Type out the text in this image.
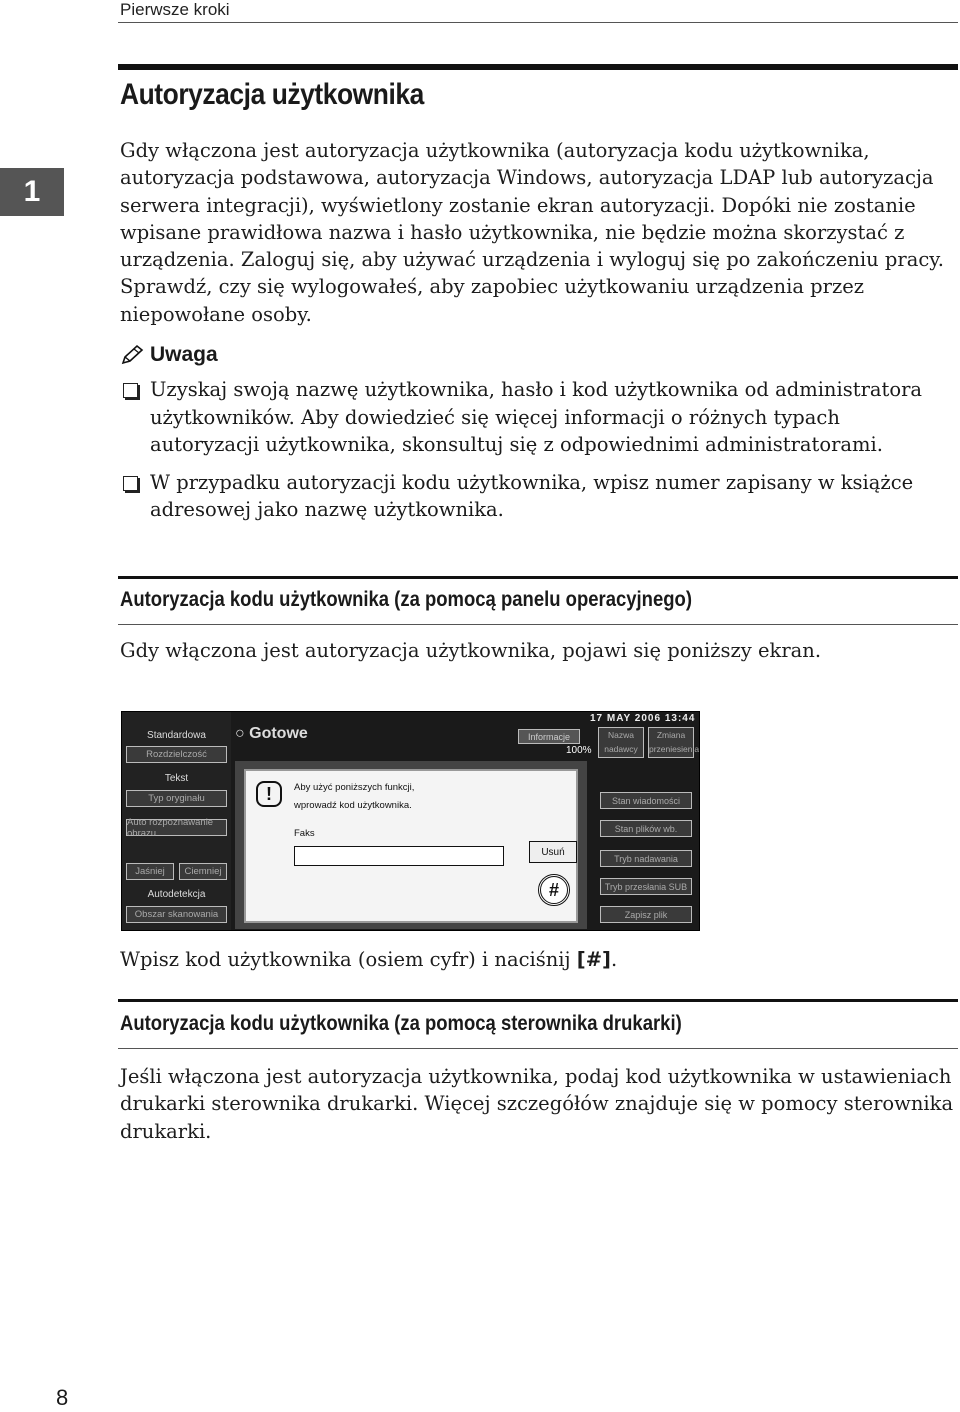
Pierwsze kroki
1
Autoryzacja użytkownika
Gdy włączona jest autoryzacja użytkownika (autoryzacja kodu użytkownika, autoryzacja podstawowa, autoryzacja Windows, autoryzacja LDAP lub autoryzacja serwera integracji), wyświetlony zostanie ekran autoryzacji. Dopóki nie zostanie wpisane prawidłowa nazwa i hasło użytkownika, nie będzie można skorzystać z urządzenia. Zaloguj się, aby używać urządzenia i wyloguj się po zakończeniu pracy. Sprawdź, czy się wylogowałeś, aby zapobiec użytkowaniu urządzenia przez niepowołane osoby.
Uwaga
Uzyskaj swoją nazwę użytkownika, hasło i kod użytkownika od administratora użytkowników. Aby dowiedzieć się więcej informacji o różnych typach autoryzacji użytkownika, skonsultuj się z odpowiednimi administratorami.
W przypadku autoryzacji kodu użytkownika, wpisz numer zapisany w książce adresowej jako nazwę użytkownika.
Autoryzacja kodu użytkownika (za pomocą panelu operacyjnego)
Gdy włączona jest autoryzacja użytkownika, pojawi się poniższy ekran.
Standardowa
Rozdzielczość
Tekst
Typ oryginału
Auto rozpoznawanie obrazu
Jaśniej	Ciemniej
Autodetekcja
Obszar skanowania
○ Gotowe
17 MAY 2006 13:44
Informacje
100%
Nazwa nadawcy
Zmiana przeniesienia
!	Aby użyć poniższych funkcji,
wprowadź kod użytkownika.
Faks
Usuń
#
Stan wiadomości
Stan plików wb.
Tryb nadawania
Tryb przesłania SUB
Zapisz plik
Wpisz kod użytkownika (osiem cyfr) i naciśnij [#].
Autoryzacja kodu użytkownika (za pomocą sterownika drukarki)
Jeśli włączona jest autoryzacja użytkownika, podaj kod użytkownika w ustawieniach drukarki sterownika drukarki. Więcej szczegółów znajduje się w pomocy sterownika drukarki.
8
